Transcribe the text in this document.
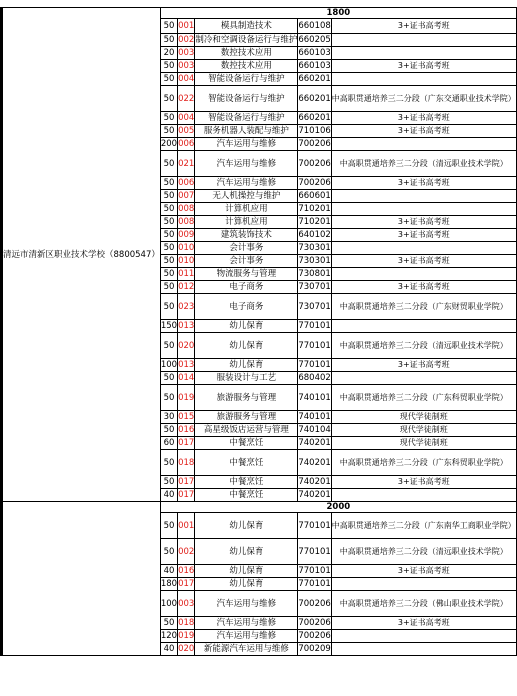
		清远市清新区职业技术学校（8800547）	1800				
		50	001	模具制造技术	660108	3+证书高考班
		50	002	制冷和空调设备运行与维护	660205	
		20	003	数控技术应用	660103	
		50	003	数控技术应用	660103	3+证书高考班
		50	004	智能设备运行与维护	660201	
		50	022	智能设备运行与维护	660201	中高职贯通培养三二分段（广东交通职业技术学院）
		50	004	智能设备运行与维护	660201	3+证书高考班
		50	005	服务机器人装配与维护	710106	3+证书高考班
		200	006	汽车运用与维修	700206	
		50	021	汽车运用与维修	700206	中高职贯通培养三二分段（清远职业技术学院）
		50	006	汽车运用与维修	700206	3+证书高考班
		50	007	无人机操控与维护	660601	
		50	008	计算机应用	710201	
		50	008	计算机应用	710201	3+证书高考班
		50	009	建筑装饰技术	640102	3+证书高考班
		50	010	会计事务	730301	
		50	010	会计事务	730301	3+证书高考班
		50	011	物流服务与管理	730801	
		50	012	电子商务	730701	3+证书高考班
		50	023	电子商务	730701	中高职贯通培养三二分段（广东财贸职业学院）
		150	013	幼儿保育	770101	
		50	020	幼儿保育	770101	中高职贯通培养三二分段（清远职业技术学院）
		100	013	幼儿保育	770101	3+证书高考班
		50	014	服装设计与工艺	680402	
		50	019	旅游服务与管理	740101	中高职贯通培养三二分段（广东科贸职业学院）
		30	015	旅游服务与管理	740101	现代学徒制班
		50	016	高星级饭店运营与管理	740104	现代学徒制班
		60	017	中餐烹饪	740201	现代学徒制班
		50	018	中餐烹饪	740201	中高职贯通培养三二分段（广东科贸职业学院）
		50	017	中餐烹饪	740201	3+证书高考班
		40	017	中餐烹饪	740201	
			2000				
		50	001	幼儿保育	770101	中高职贯通培养三二分段（广东南华工商职业学院）
		50	002	幼儿保育	770101	中高职贯通培养三二分段（清远职业技术学院）
		40	016	幼儿保育	770101	3+证书高考班
		180	017	幼儿保育	770101	
		100	003	汽车运用与维修	700206	中高职贯通培养三二分段（佛山职业技术学院）
		50	018	汽车运用与维修	700206	3+证书高考班
		120	019	汽车运用与维修	700206	
		40	020	新能源汽车运用与维修	700209	
